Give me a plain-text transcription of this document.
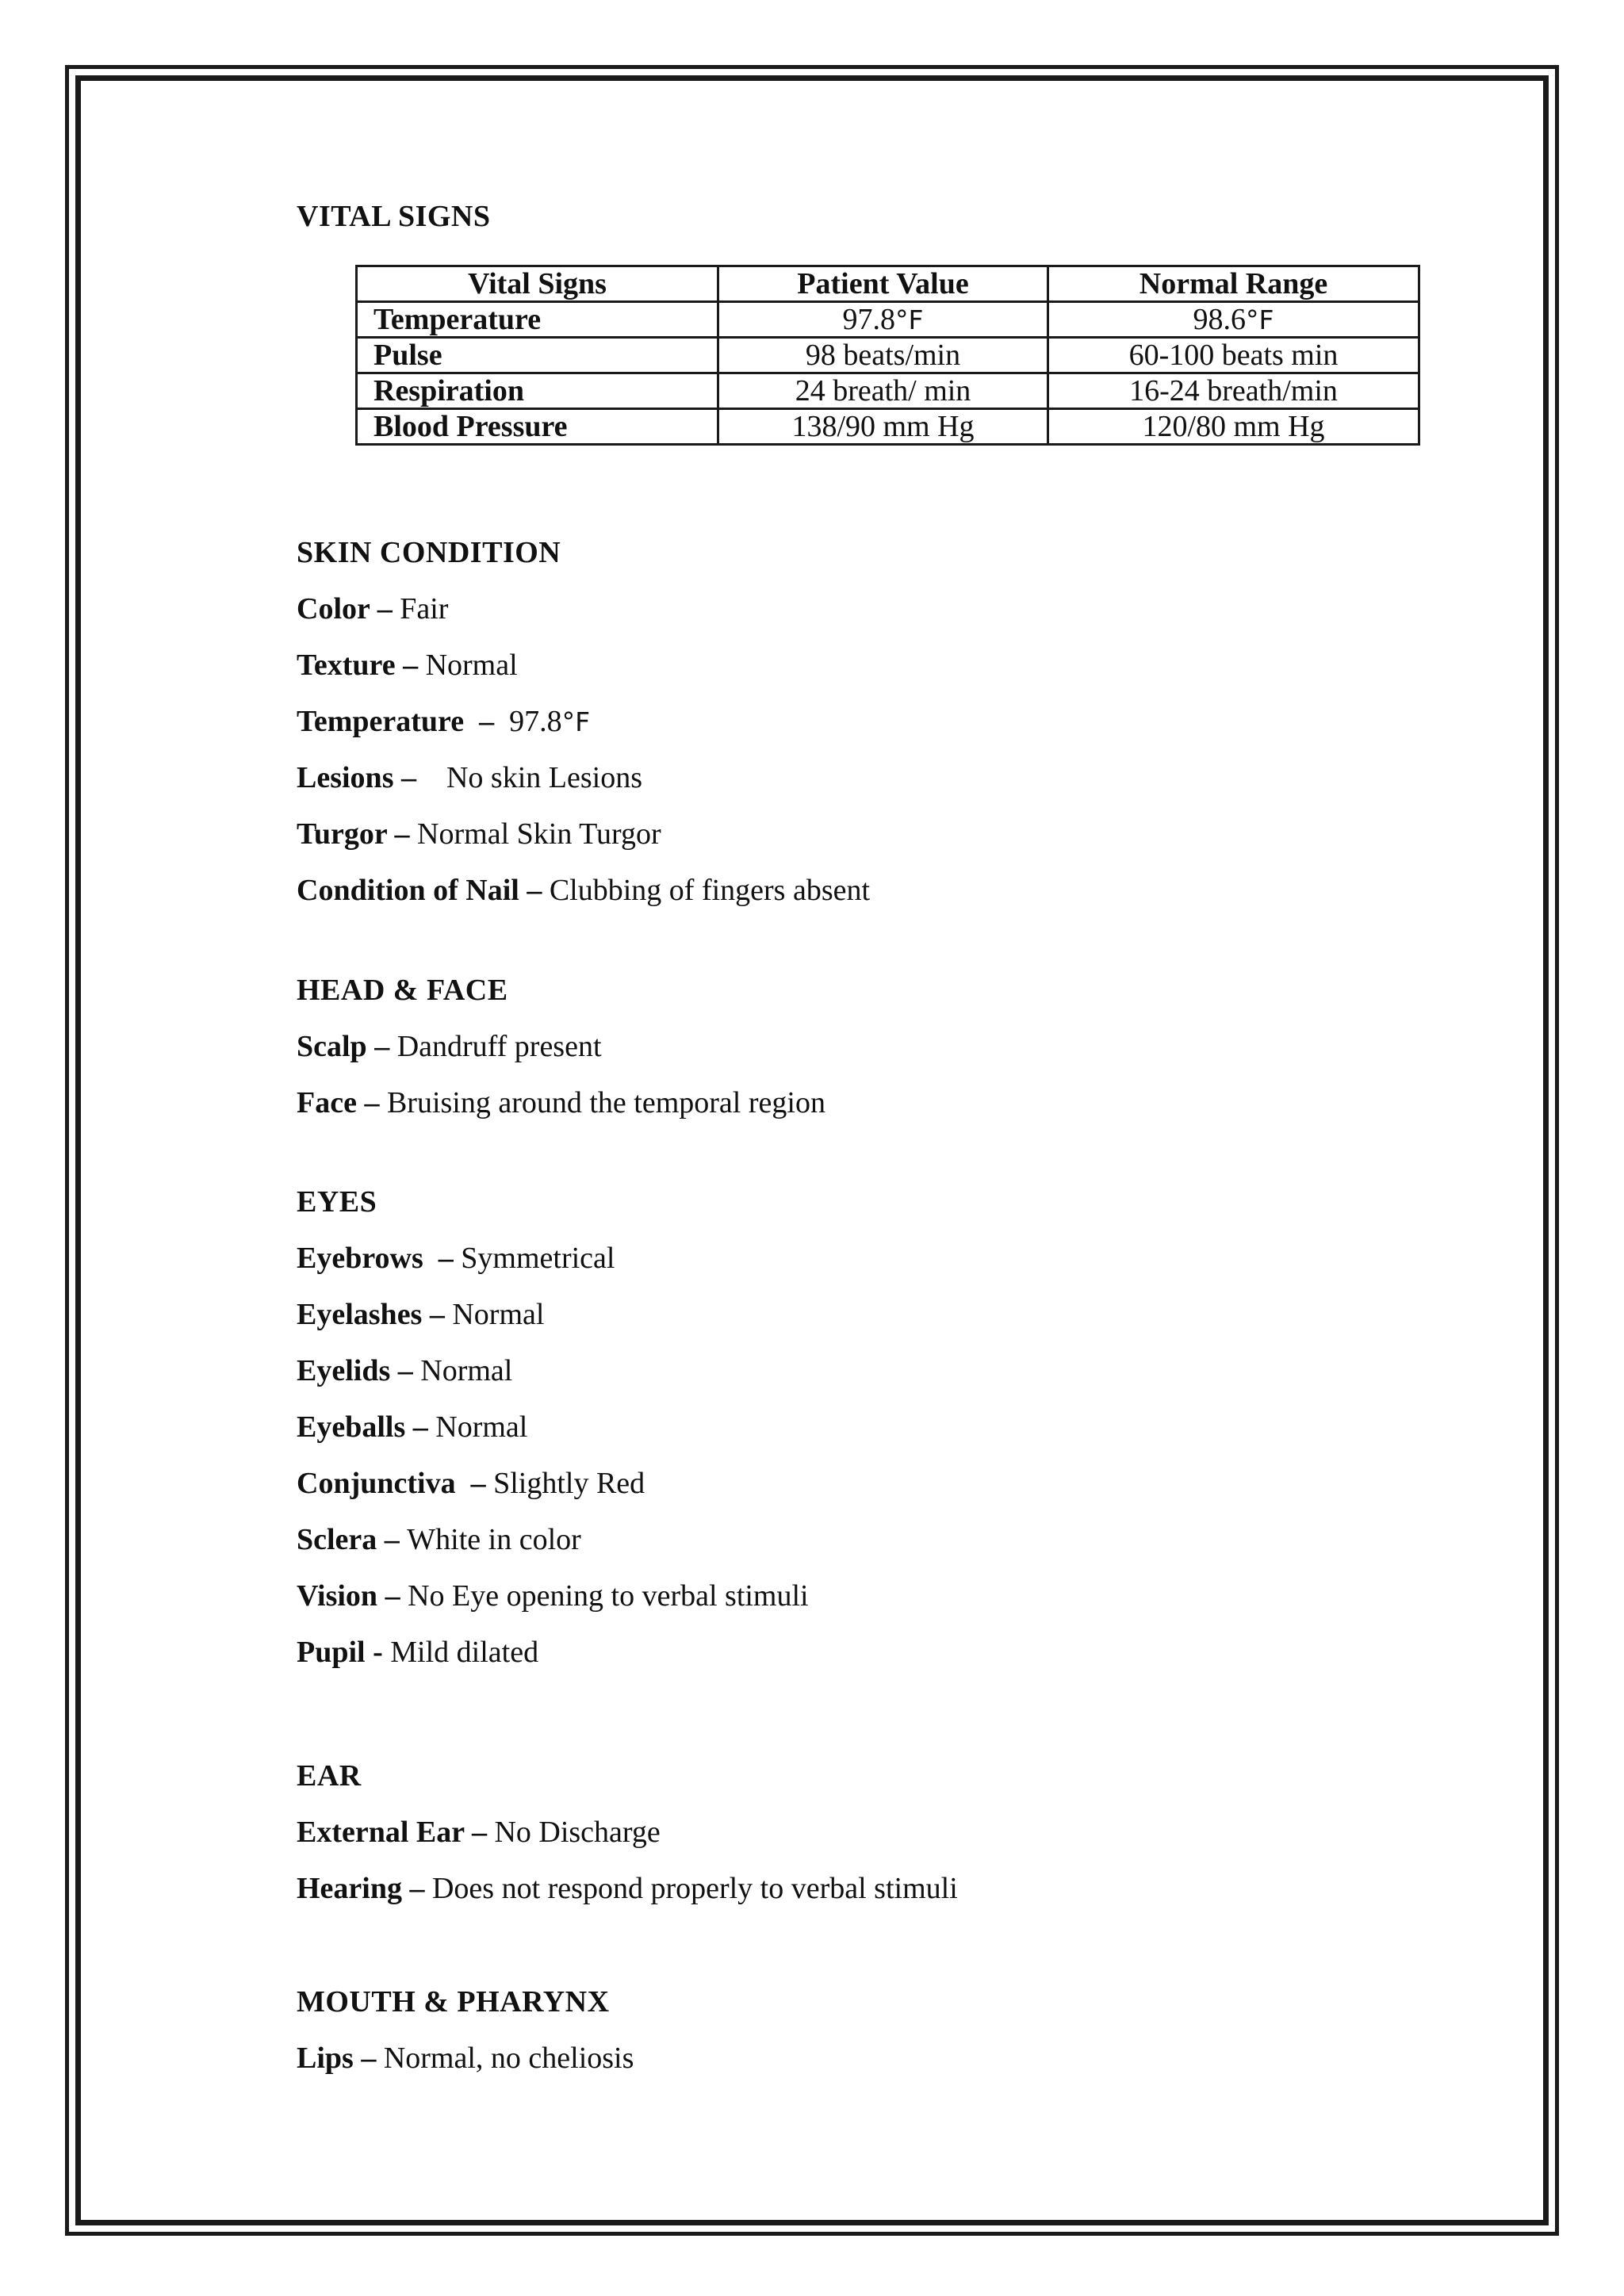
VITAL SIGNS
Vital Signs	Patient Value	Normal Range
Temperature	97.8°F	98.6°F
Pulse	98 beats/min	60-100 beats min
Respiration	24 breath/ min	16-24 breath/min
Blood Pressure	138/90 mm Hg	120/80 mm Hg
SKIN CONDITION

Color – Fair

Texture – Normal

Temperature  –  97.8°F

Lesions –    No skin Lesions

Turgor – Normal Skin Turgor

Condition of Nail – Clubbing of fingers absent

HEAD & FACE

Scalp – Dandruff present

Face – Bruising around the temporal region

EYES

Eyebrows  – Symmetrical

Eyelashes – Normal

Eyelids – Normal

Eyeballs – Normal

Conjunctiva  – Slightly Red

Sclera – White in color

Vision – No Eye opening to verbal stimuli

Pupil - Mild dilated

EAR

External Ear – No Discharge

Hearing – Does not respond properly to verbal stimuli

MOUTH & PHARYNX

Lips – Normal, no cheliosis
